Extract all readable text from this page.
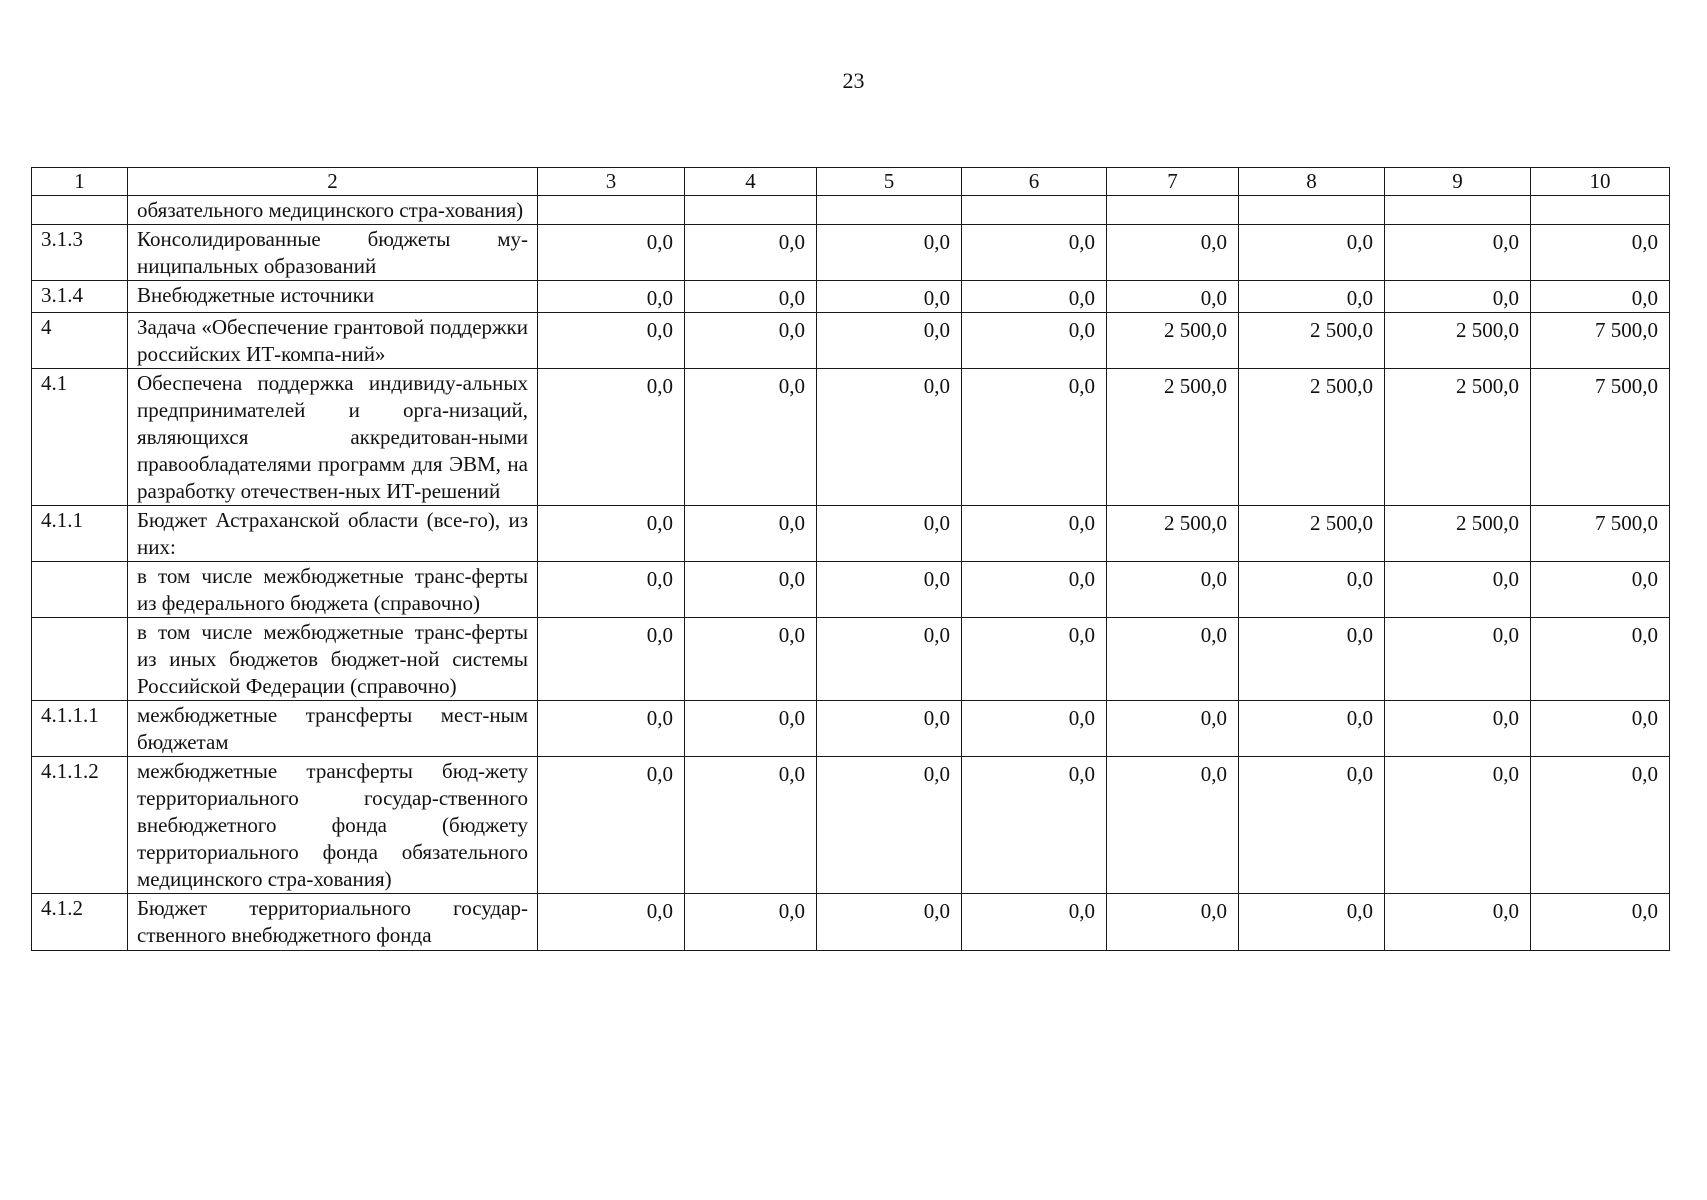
23
1	2	3	4	5	6	7	8	9	10
	обязательного медицинского стра-хования)								
3.1.3	Консолидированные бюджеты му-ниципальных образований	0,0	0,0	0,0	0,0	0,0	0,0	0,0	0,0
3.1.4	Внебюджетные источники	0,0	0,0	0,0	0,0	0,0	0,0	0,0	0,0
4	Задача «Обеспечение грантовой поддержки российских ИТ-компа-ний»	0,0	0,0	0,0	0,0	2 500,0	2 500,0	2 500,0	7 500,0
4.1	Обеспечена поддержка индивиду-альных предпринимателей и орга-низаций, являющихся аккредитован-ными правообладателями программ для ЭВМ, на разработку отечествен-ных ИТ-решений	0,0	0,0	0,0	0,0	2 500,0	2 500,0	2 500,0	7 500,0
4.1.1	Бюджет Астраханской области (все-го), из них:	0,0	0,0	0,0	0,0	2 500,0	2 500,0	2 500,0	7 500,0
	в том числе межбюджетные транс-ферты из федерального бюджета (справочно)	0,0	0,0	0,0	0,0	0,0	0,0	0,0	0,0
	в том числе межбюджетные транс-ферты из иных бюджетов бюджет-ной системы Российской Федерации (справочно)	0,0	0,0	0,0	0,0	0,0	0,0	0,0	0,0
4.1.1.1	межбюджетные трансферты мест-ным бюджетам	0,0	0,0	0,0	0,0	0,0	0,0	0,0	0,0
4.1.1.2	межбюджетные трансферты бюд-жету территориального государ-ственного внебюджетного фонда (бюджету территориального фонда обязательного медицинского стра-хования)	0,0	0,0	0,0	0,0	0,0	0,0	0,0	0,0

4.1.2	Бюджет территориального государ-ственного внебюджетного фонда	0,0	0,0	0,0	0,0	0,0	0,0	0,0	0,0
